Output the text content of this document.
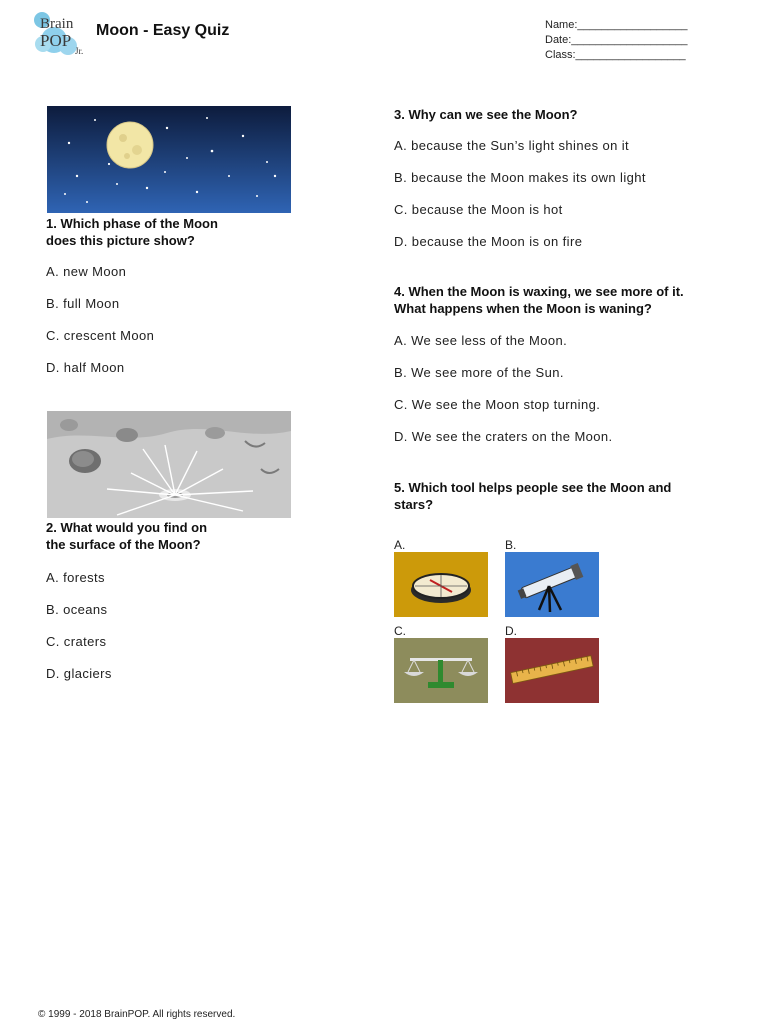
Brain
POP
Jr.
Moon - Easy Quiz	Name:__________________
Date:___________________
Class:__________________
1. Which phase of the Moon
does this picture show?
A. new Moon
B. full Moon
C. crescent Moon
D. half Moon
2. What would you find on
the surface of the Moon?
A. forests
B. oceans
C. craters
D. glaciers
3. Why can we see the Moon?
A. because the Sun’s light shines on it
B. because the Moon makes its own light
C. because the Moon is hot
D. because the Moon is on fire
4. When the Moon is waxing, we see more of it.
What happens when the Moon is waning?
A. We see less of the Moon.
B. We see more of the Sun.
C. We see the Moon stop turning.
D. We see the craters on the Moon.
5. Which tool helps people see the Moon and
stars?
A.	B.
C.	D.
© 1999 - 2018 BrainPOP. All rights reserved.
